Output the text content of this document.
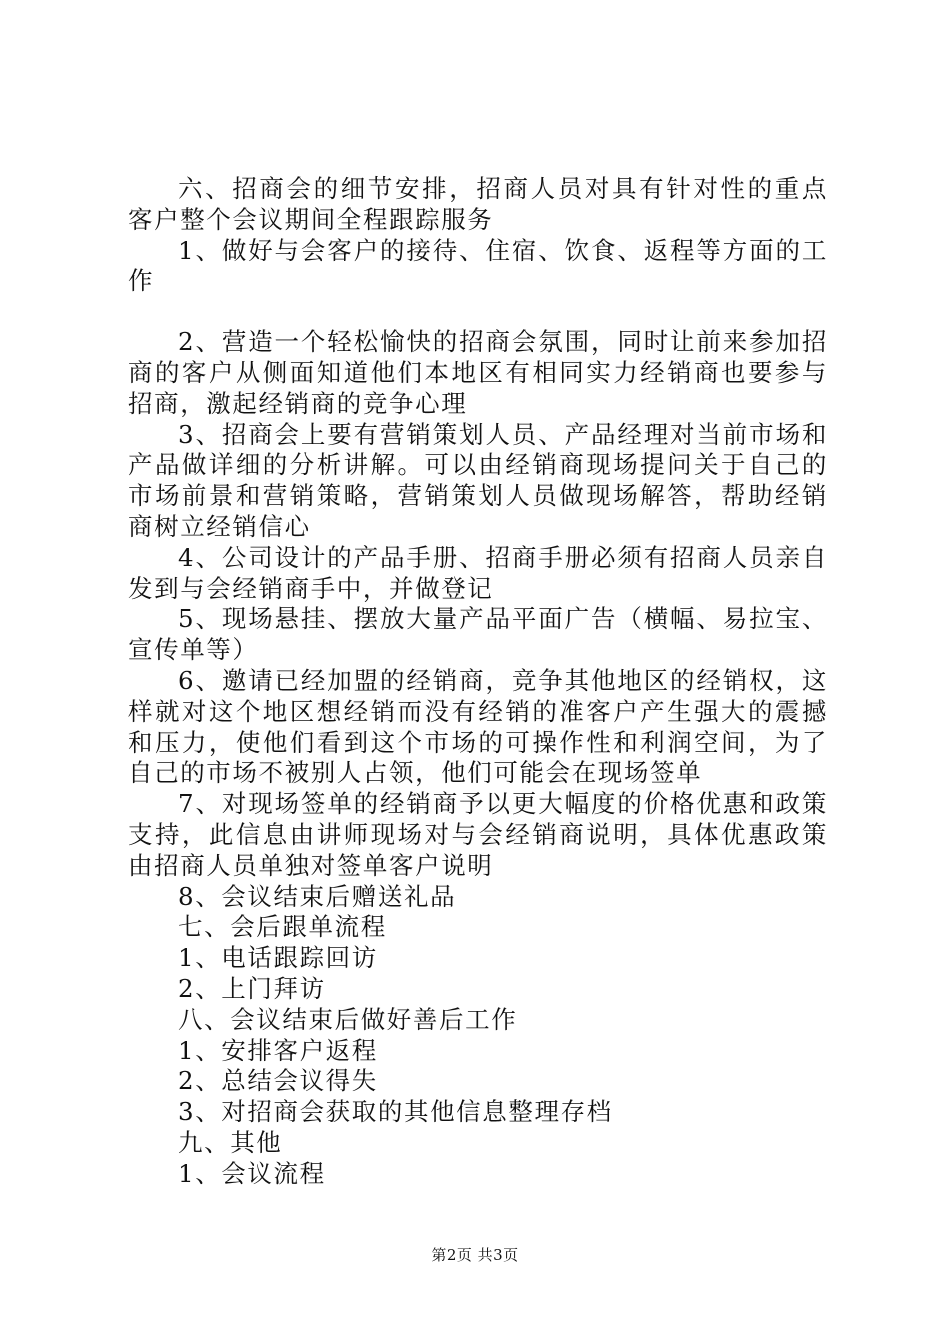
六、招商会的细节安排，招商人员对具有针对性的重点客户整个会议期间全程跟踪服务

1、做好与会客户的接待、住宿、饮食、返程等方面的工作

2、营造一个轻松愉快的招商会氛围，同时让前来参加招商的客户从侧面知道他们本地区有相同实力经销商也要参与招商，激起经销商的竞争心理

3、招商会上要有营销策划人员、产品经理对当前市场和产品做详细的分析讲解。可以由经销商现场提问关于自己的市场前景和营销策略，营销策划人员做现场解答，帮助经销商树立经销信心

4、公司设计的产品手册、招商手册必须有招商人员亲自发到与会经销商手中，并做登记

5、现场悬挂、摆放大量产品平面广告（横幅、易拉宝、宣传单等）

6、邀请已经加盟的经销商，竞争其他地区的经销权，这样就对这个地区想经销而没有经销的准客户产生强大的震撼和压力，使他们看到这个市场的可操作性和利润空间，为了自己的市场不被别人占领，他们可能会在现场签单

7、对现场签单的经销商予以更大幅度的价格优惠和政策支持，此信息由讲师现场对与会经销商说明，具体优惠政策由招商人员单独对签单客户说明

8、会议结束后赠送礼品

七、会后跟单流程

1、电话跟踪回访

2、上门拜访

八、会议结束后做好善后工作

1、安排客户返程

2、总结会议得失

3、对招商会获取的其他信息整理存档

九、其他

1、会议流程

第2页 共3页
